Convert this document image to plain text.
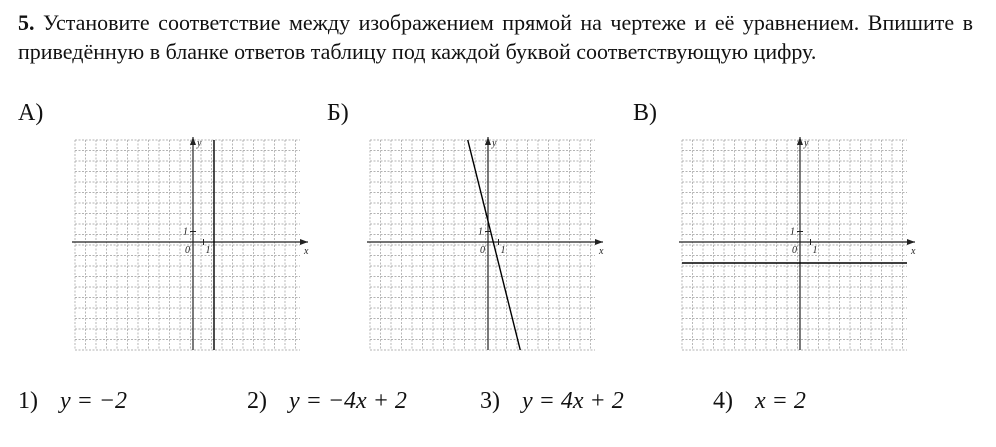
5. Установите соответствие между изображением прямой на чертеже и её уравнением. Впишите в приведённую в бланке ответов таблицу под каждой буквой соответствующую цифру.
А)	Б)	В)
x
y
0 1
1
x
y
0 1
1
x
y
0 1
1
1) y = −2	2) y = −4x + 2	3) y = 4x + 2	4) x = 2
